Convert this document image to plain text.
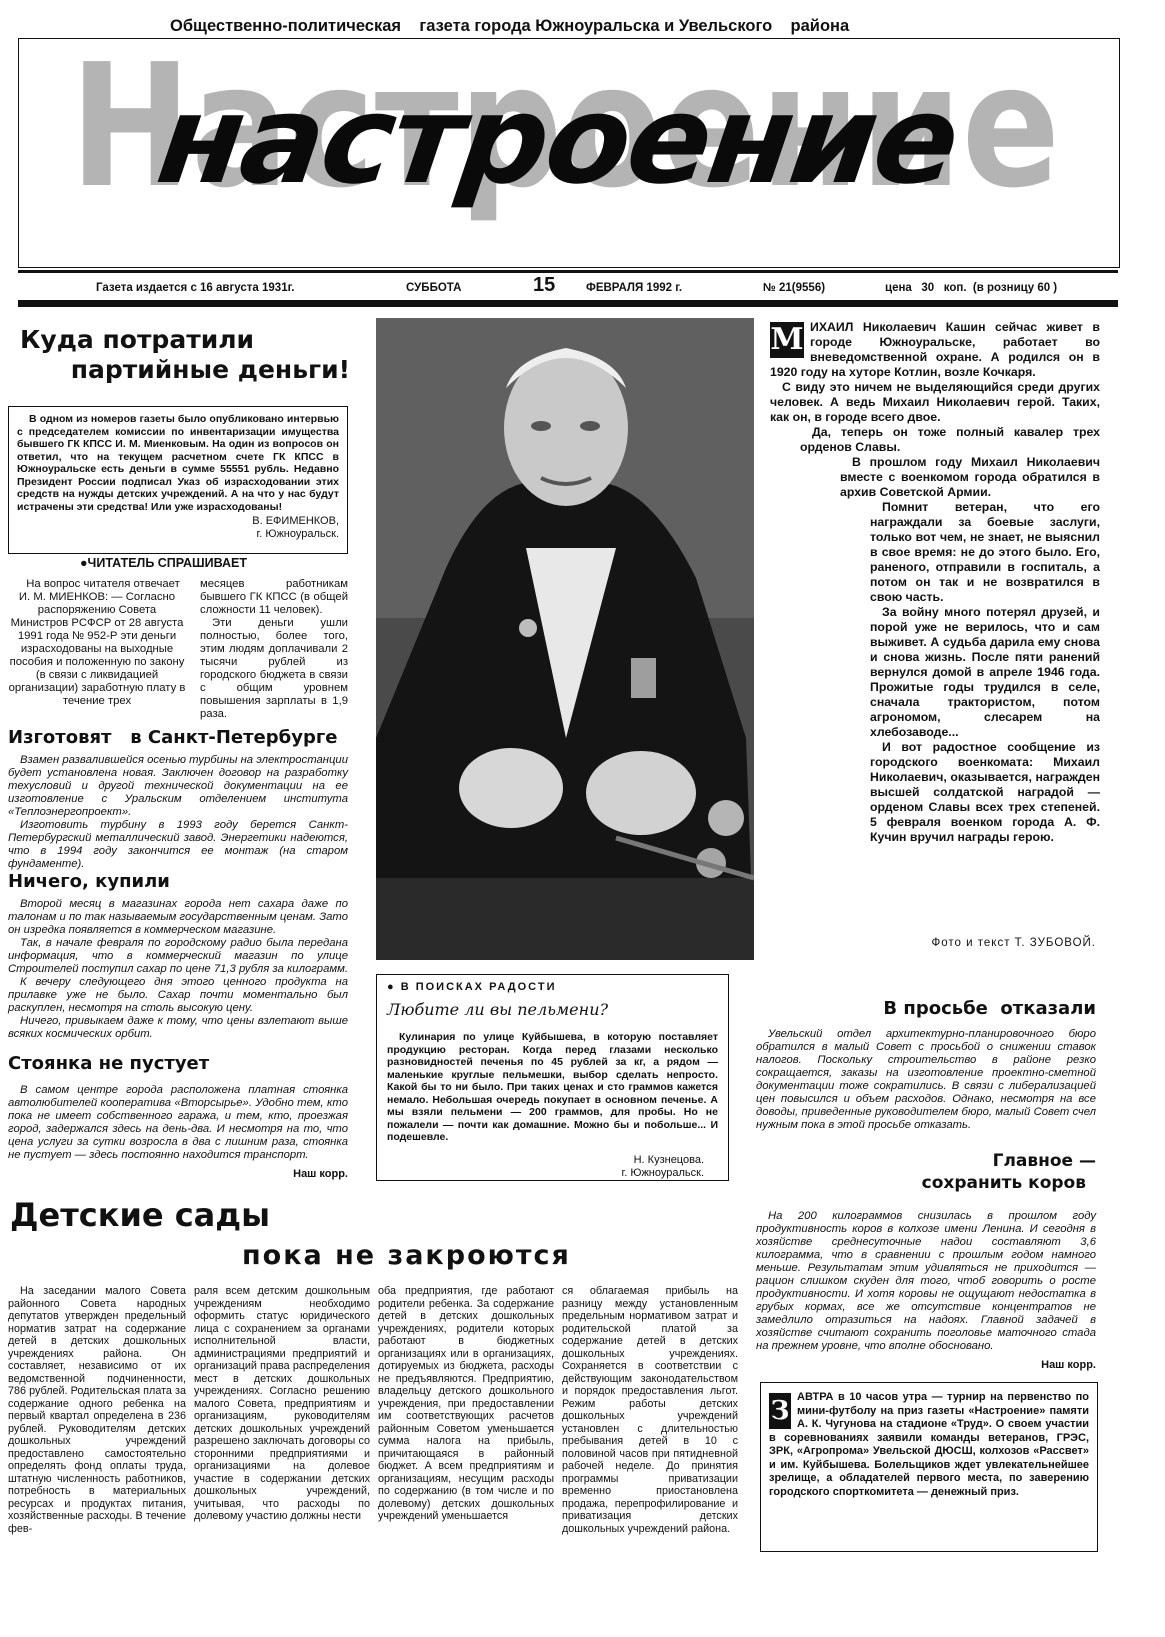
Общественно-политическая    газета города Южноуральска и Увельского    района
Настроение
настроение
Газета издается с 16 августа 1931г.	СУББОТА	15	ФЕВРАЛЯ 1992 г.	№ 21(9556)	цена   30   коп.  (в розницу 60 )
Куда потратили
партийные деньги!

В одном из номеров газеты было опубликовано интервью с председателем комиссии по инвентаризации имущества бывшего ГК КПСС И. М. Миенковым. На один из вопросов он ответил, что на текущем расчетном счете ГК КПСС в Южноуральске есть деньги в сумме 55551 рубль. Недавно Президент России подписал Указ об израсходовании этих средств на нужды детских учреждений. А на что у нас будут истрачены эти средства! Или уже израсходованы!

В. ЕФИМЕНКОВ,

г. Южноуральск.

●ЧИТАТЕЛЬ СПРАШИВАЕТ

На вопрос читателя отвечает И. М. МИЕНКОВ: — Согласно распоряжению Совета Министров РСФСР от 28 августа 1991 года № 952-Р эти деньги израсходованы на выходные пособия и положенную по закону (в связи с ликвидацией организации) заработную плату в течение трех

месяцев работникам бывшего ГК КПСС (в общей сложности 11 человек).

Эти деньги ушли полностью, более того, этим людям доплачивали 2 тысячи рублей из городского бюджета в связи с общим уровнем повышения зарплаты в 1,9 раза.

Изготовят   в Санкт-Петербурге

Взамен развалившейся осенью турбины на электростанции будет установлена новая. Заключен договор на разработку техусловий и другой технической документации на ее изготовление с Уральским отделением института «Теплоэнергопроект».

Изготовить турбину в 1993 году берется Санкт-Петербургский металлический завод. Энергетики надеются, что в 1994 году закончится ее монтаж (на старом фундаменте).

Ничего, купили

Второй месяц в магазинах города нет сахара даже по талонам и по так называемым государственным ценам. Зато он изредка появляется в коммерческом магазине.

Так, в начале февраля по городскому радио была передана информация, что в коммерческий магазин по улице Строителей поступил сахар по цене 71,3 рубля за килограмм.

К вечеру следующего дня этого ценного продукта на прилавке уже не было. Сахар почти моментально был раскуплен, несмотря на столь высокую цену.

Ничего, привыкаем даже к тому, что цены взлетают выше всяких космических орбит.

Стоянка не пустует

В самом центре города расположена платная стоянка автолюбителей кооператива «Вторсырье». Удобно тем, кто пока не имеет собственного гаража, и тем, кто, проезжая город, задержался здесь на день-два. И несмотря на то, что цена услуги за сутки возросла в два с лишним раза, стоянка не пустует — здесь постоянно находится транспорт.

Наш корр.

М ИХАИЛ Николаевич Кашин сейчас живет в городе Южноуральске, работает во вневедомственной охране. А родился он в 1920 году на хуторе Котлин, возле Кочкаря.

С виду это ничем не выделяющийся среди других человек. А ведь Михаил Николаевич герой. Таких, как он, в городе всего двое.

Да, теперь он тоже полный кавалер трех орденов Славы.

В прошлом году Михаил Николаевич вместе с военкомом города обратился в архив Советской Армии.

Помнит ветеран, что его награждали за боевые заслуги, только вот чем, не знает, не выяснил в свое время: не до этого было. Его, раненого, отправили в госпиталь, а потом он так и не возвратился в свою часть.

За войну много потерял друзей, и порой уже не верилось, что и сам выживет. А судьба дарила ему снова и снова жизнь. После пяти ранений вернулся домой в апреле 1946 года. Прожитые годы трудился в селе, сначала трактористом, потом агрономом, слесарем на хлебозаводе...

И вот радостное сообщение из городского военкомата: Михаил Николаевич, оказывается, награжден высшей солдатской наградой — орденом Славы всех трех степеней. 5 февраля военком города А. Ф. Кучин вручил награды герою.

Фото и текст Т. ЗУБОВОЙ.
● В ПОИСКАХ РАДОСТИ
Любите ли вы пельмени?

Кулинария по улице Куйбышева, в которую поставляет продукцию ресторан. Когда перед глазами несколько разновидностей печенья по 45 рублей за кг, а рядом — маленькие круглые пельмешки, выбор сделать непросто. Какой бы то ни было. При таких ценах и сто граммов кажется немало. Небольшая очередь покупает в основном печенье. А мы взяли пельмени — 200 граммов, для пробы. Но не пожалели — почти как домашние. Можно бы и побольше... И подешевле.

Н. Кузнецова.

г. Южноуральск.

В просьбе  отказали

Увельский отдел архитектурно-планировочного бюро обратился в малый Совет с просьбой о снижении ставок налогов. Поскольку строительство в районе резко сокращается, заказы на изготовление проектно-сметной документации тоже сократились. В связи с либерализацией цен повысился и объем расходов. Однако, несмотря на все доводы, приведенные руководителем бюро, малый Совет счел нужным пока в этой просьбе отказать.

Главное —
сохранить коров

На 200 килограммов снизилась в прошлом году продуктивность коров в колхозе имени Ленина. И сегодня в хозяйстве среднесуточные надои составляют 3,6 килограмма, что в сравнении с прошлым годом намного меньше. Результатам этим удивляться не приходится — рацион слишком скуден для того, чтоб говорить о росте продуктивности. И хотя коровы не ощущают недостатка в грубых кормах, все же отсутствие концентратов не замедлило отразиться на надоях. Главной задачей в хозяйстве считают сохранить поголовье маточного стада на прежнем уровне, что вполне обосновано.

Наш корр.

Детские сады
пока не закроются

На заседании малого Совета районного Совета народных депутатов утвержден предельный норматив затрат на содержание детей в детских дошкольных учреждениях района. Он составляет, независимо от их ведомственной подчиненности, 786 рублей. Родительская плата за содержание одного ребенка на первый квартал определена в 236 рублей. Руководителям детских дошкольных учреждений предоставлено самостоятельно определять фонд оплаты труда, штатную численность работников, потребность в материальных ресурсах и продуктах питания, хозяйственные расходы. В течение фев-

раля всем детским дошкольным учреждениям необходимо оформить статус юридического лица с сохранением за органами исполнительной власти, администрациями предприятий и организаций права распределения мест в детских дошкольных учреждениях. Согласно решению малого Совета, предприятиям и организациям, руководителям детских дошкольных учреждений разрешено заключать договоры со сторонними предприятиями и организациями на долевое участие в содержании детских дошкольных учреждений, учитывая, что расходы по долевому участию должны нести

оба предприятия, где работают родители ребенка. За содержание детей в детских дошкольных учреждениях, родители которых работают в бюджетных организациях или в организациях, дотируемых из бюджета, расходы не предъявляются. Предприятию, владельцу детского дошкольного учреждения, при предоставлении им соответствующих расчетов районным Советом уменьшается сумма налога на прибыль, причитающаяся в районный бюджет. А всем предприятиям и организациям, несущим расходы по содержанию (в том числе и по долевому) детских дошкольных учреждений уменьшается

ся облагаемая прибыль на разницу между установленным предельным нормативом затрат и родительской платой за содержание детей в детских дошкольных учреждениях. Сохраняется в соответствии с действующим законодательством и порядок предоставления льгот. Режим работы детских дошкольных учреждений установлен с длительностью пребывания детей в 10 с половиной часов при пятидневной рабочей неделе. До принятия программы приватизации временно приостановлена продажа, перепрофилирование и приватизация детских дошкольных учреждений района.

З АВТРА в 10 часов утра — турнир на первенство по мини-футболу на приз газеты «Настроение» памяти А. К. Чугунова на стадионе «Труд». О своем участии в соревнованиях заявили команды ветеранов, ГРЭС, ЗРК, «Агропрома» Увельской ДЮСШ, колхозов «Рассвет» и им. Куйбышева. Болельщиков ждет увлекательнейшее зрелище, а обладателей первого места, по заверению городского спорткомитета — денежный приз.
